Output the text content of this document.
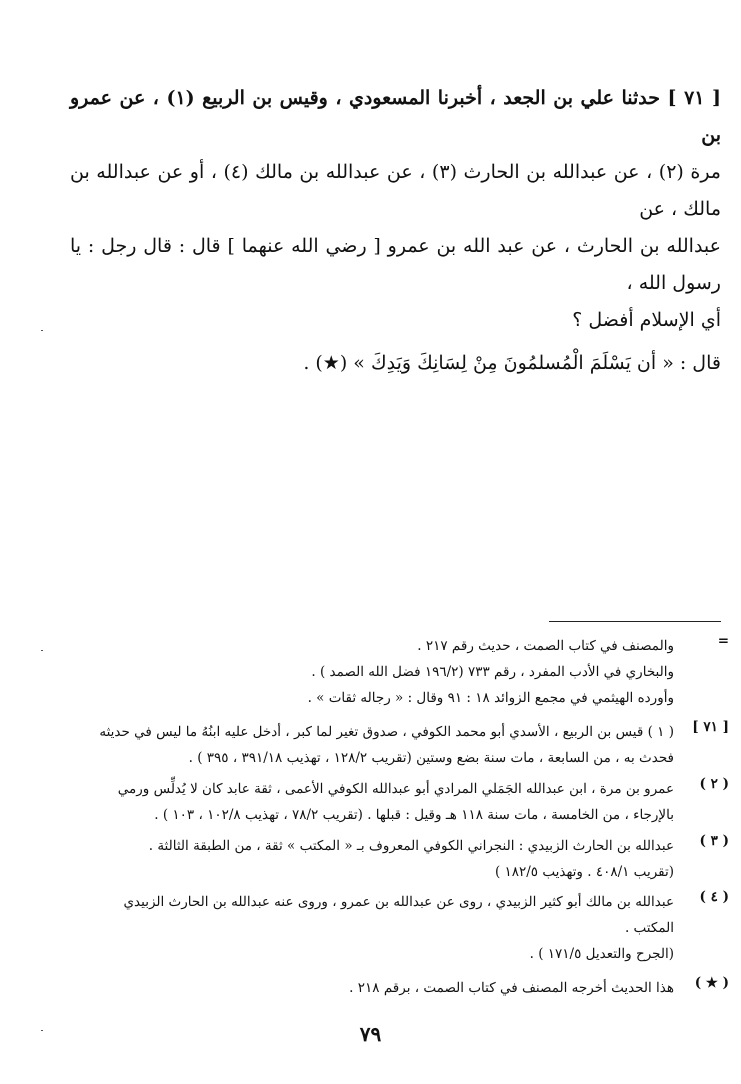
[ ٧١ ] حدثنا علي بن الجعد ، أخبرنا المسعودي ، وقيس بن الربيع (١) ، عن عمرو بن

مرة (٢) ، عن عبدالله بن الحارث (٣) ، عن عبدالله بن مالك (٤) ، أو عن عبدالله بن مالك ، عن

عبدالله بن الحارث ، عن عبد الله بن عمرو [ رضي الله عنهما ] قال : قال رجل : يا رسول الله ،

أي الإسلام أفضل ؟

قال : « أن يَسْلَمَ الْمُسلمُونَ مِنْ لِسَانِكَ وَيَدِكَ » (★) .

=
والمصنف في كتاب الصمت ، حديث رقم ٢١٧ .
والبخاري في الأدب المفرد ، رقم ٧٣٣ (١٩٦/٢ فضل الله الصمد ) .
وأورده الهيثمي في مجمع الزوائد ١٨ : ٩١ وقال : « رجاله ثقات » .
[ ٧١ ]
( ١ ) قيس بن الربيع ، الأسدي أبو محمد الكوفي ، صدوق تغير لما كبر ، أدخل عليه ابنُهُ ما ليس في حديثه
فحدث به ، من السابعة ، مات سنة بضع وستين (تقريب ١٢٨/٢ ، تهذيب ٣٩١/١٨ ، ٣٩٥ ) .
( ٢ )
عمرو بن مرة ، ابن عبدالله الجَمَلي المرادي أبو عبدالله الكوفي الأعمى ، ثقة عابد كان لا يُدلِّس ورمي
بالإرجاء ، من الخامسة ، مات سنة ١١٨ هـ وقيل : قبلها . (تقريب ٧٨/٢ ، تهذيب ١٠٢/٨ ، ١٠٣ ) .
( ٣ )
عبدالله بن الحارث الزبيدي : النجراني الكوفي المعروف بـ « المكتب » ثقة ، من الطبقة الثالثة .
(تقريب ٤٠٨/١ . وتهذيب ١٨٢/٥ )
( ٤ )
عبدالله بن مالك أبو كثير الزبيدي ، روى عن عبدالله بن عمرو ، وروى عنه عبدالله بن الحارث الزبيدي
المكتب .
(الجرح والتعديل ١٧١/٥ ) .
( ★ )
هذا الحديث أخرجه المصنف في كتاب الصمت ، برقم ٢١٨ .
٧٩
